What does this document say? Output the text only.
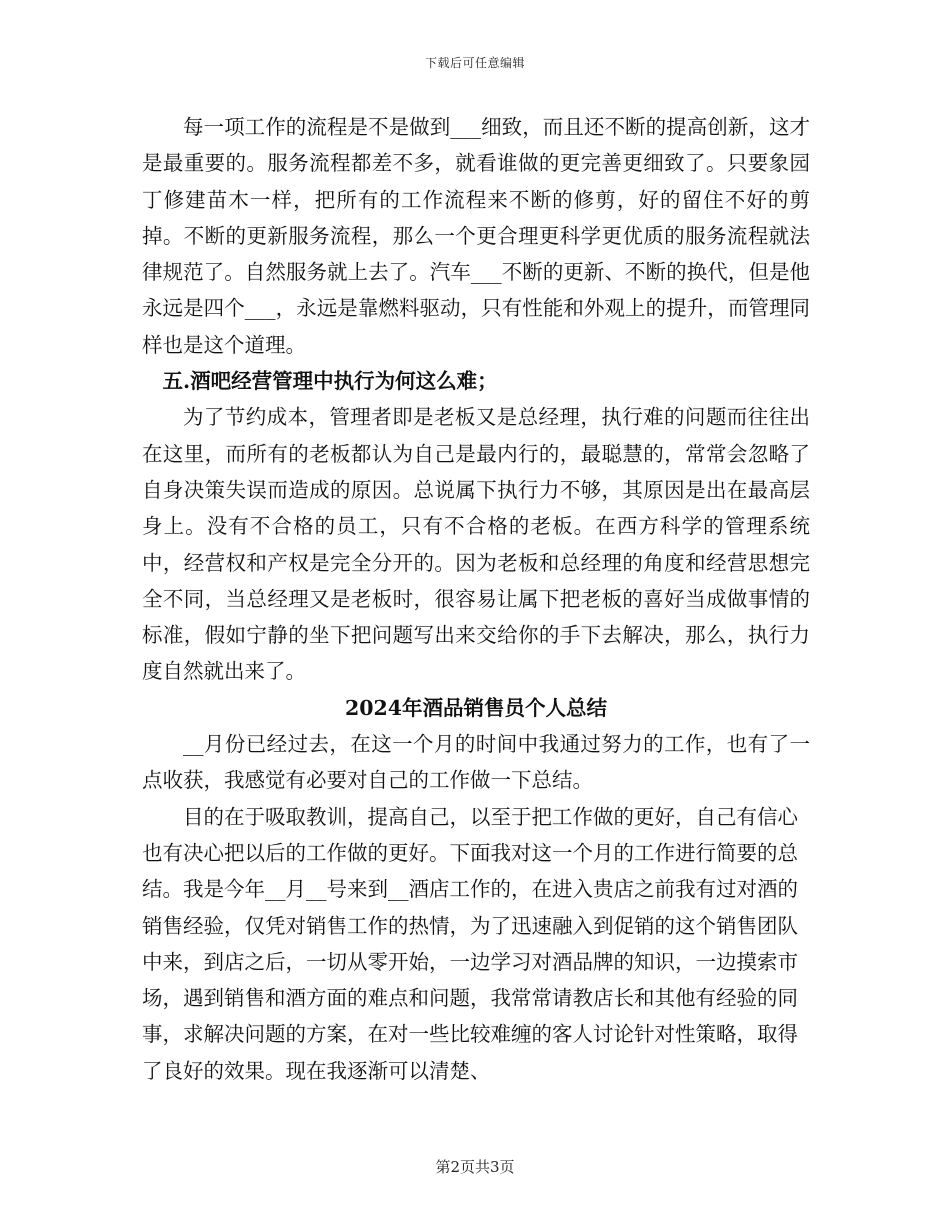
下载后可任意编辑

每一项工作的流程是不是做到___细致，而且还不断的提高创新，这才是最重要的。服务流程都差不多，就看谁做的更完善更细致了。只要象园丁修建苗木一样，把所有的工作流程来不断的修剪，好的留住不好的剪掉。不断的更新服务流程，那么一个更合理更科学更优质的服务流程就法律规范了。自然服务就上去了。汽车___不断的更新、不断的换代，但是他永远是四个___，永远是靠燃料驱动，只有性能和外观上的提升，而管理同样也是这个道理。

五.酒吧经营管理中执行为何这么难；

为了节约成本，管理者即是老板又是总经理，执行难的问题而往往出在这里，而所有的老板都认为自己是最内行的，最聪慧的，常常会忽略了自身决策失误而造成的原因。总说属下执行力不够，其原因是出在最高层身上。没有不合格的员工，只有不合格的老板。在西方科学的管理系统中，经营权和产权是完全分开的。因为老板和总经理的角度和经营思想完全不同，当总经理又是老板时，很容易让属下把老板的喜好当成做事情的标准，假如宁静的坐下把问题写出来交给你的手下去解决，那么，执行力度自然就出来了。

2024年酒品销售员个人总结

__月份已经过去，在这一个月的时间中我通过努力的工作，也有了一点收获，我感觉有必要对自己的工作做一下总结。

目的在于吸取教训，提高自己，以至于把工作做的更好，自己有信心也有决心把以后的工作做的更好。下面我对这一个月的工作进行简要的总结。我是今年__月__号来到__酒店工作的，在进入贵店之前我有过对酒的销售经验，仅凭对销售工作的热情，为了迅速融入到促销的这个销售团队中来，到店之后，一切从零开始，一边学习对酒品牌的知识，一边摸索市场，遇到销售和酒方面的难点和问题，我常常请教店长和其他有经验的同事，求解决问题的方案，在对一些比较难缠的客人讨论针对性策略，取得了良好的效果。现在我逐渐可以清楚、

第2页共3页
